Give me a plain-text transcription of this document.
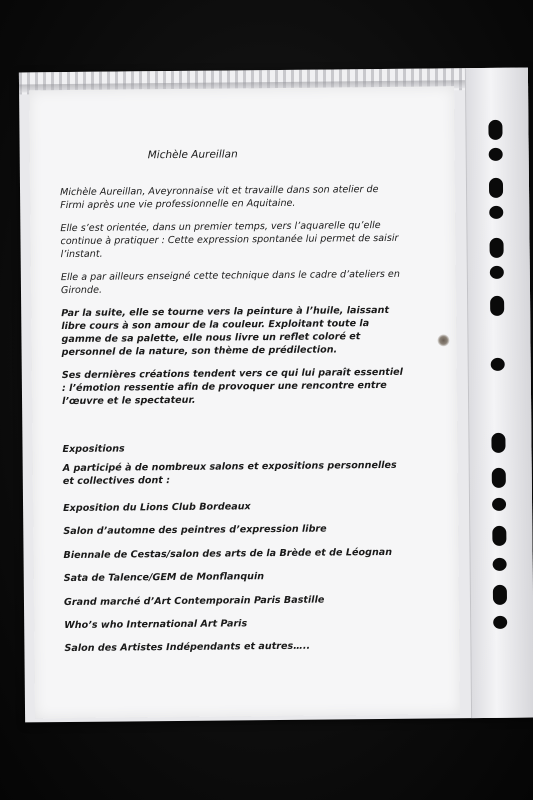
Michèle Aureillan

Michèle Aureillan, Aveyronnaise vit et travaille dans son atelier de Firmi après une vie professionnelle en Aquitaine.

Elle s’est orientée, dans un premier temps, vers l’aquarelle qu’elle continue à pratiquer : Cette expression spontanée lui permet de saisir l’instant.

Elle a par ailleurs enseigné cette technique dans le cadre d’ateliers en Gironde.

Par la suite, elle se tourne vers la peinture à l’huile, laissant libre cours à son amour de la couleur. Exploitant toute la gamme de sa palette, elle nous livre un reflet coloré et personnel de la nature, son thème de prédilection.

Ses dernières créations tendent vers ce qui lui paraît essentiel : l’émotion ressentie afin de provoquer une rencontre entre l’œuvre et le spectateur.

Expositions
A participé à de nombreux salons et expositions personnelles et collectives dont :
Exposition du Lions Club Bordeaux
Salon d’automne des peintres d’expression libre
Biennale de Cestas/salon des arts de la Brède et de Léognan
Sata de Talence/GEM de Monflanquin
Grand marché d’Art Contemporain Paris Bastille
Who’s who International Art Paris
Salon des Artistes Indépendants et autres…..
